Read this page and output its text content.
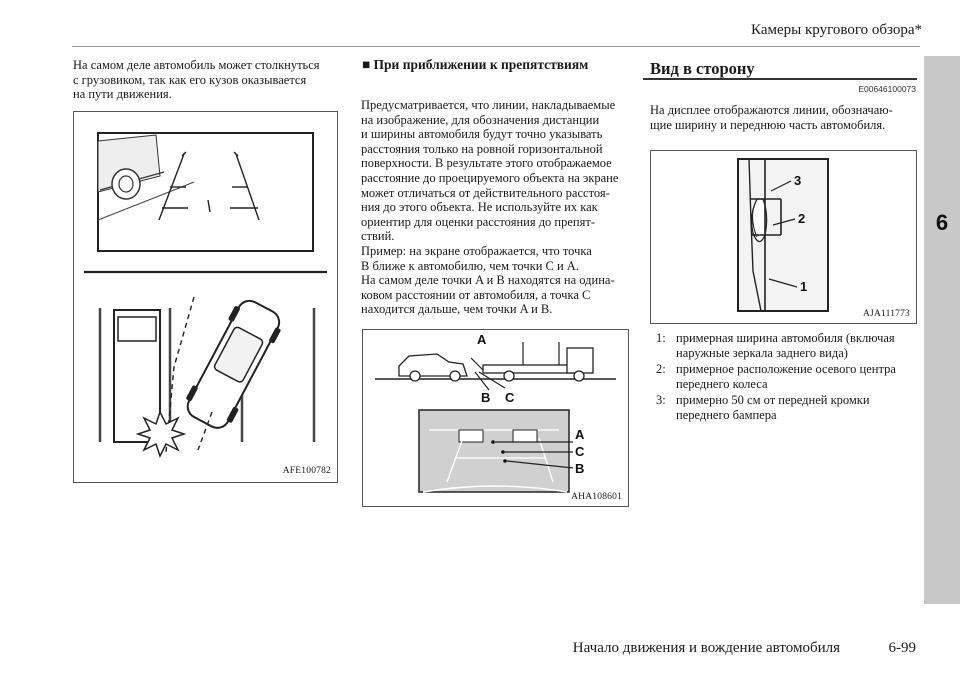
Камеры кругового обзора*
6
На самом деле автомобиль может столкнуться
с грузовиком, так как его кузов оказывается
на пути движения.
AFE100782
■ При приближении к препятствиям
Предусматривается, что линии, накладываемые
на изображение, для обозначения дистанции
и ширины автомобиля будут точно указывать
расстояния только на ровной горизонтальной
поверхности. В результате этого отображаемое
расстояние до проецируемого объекта на экране
может отличаться от действительного расстоя-
ния до этого объекта. Не используйте их как
ориентир для оценки расстояния до препят-
ствий.
Пример: на экране отображается, что точка
B ближе к автомобилю, чем точки C и A.
На самом деле точки A и B находятся на одина-
ковом расстоянии от автомобиля, а точка C
находится дальше, чем точки A и B.
A
B C
A
C
B
AHA108601
Вид в сторону
E00646100073
На дисплее отображаются линии, обозначаю-
щие ширину и переднюю часть автомобиля.
3
2
1
AJA111773
1: примерная ширина автомобиля (включая
наружные зеркала заднего вида)
2: примерное расположение осевого центра
переднего колеса
3: примерно 50 см от передней кромки
переднего бампера
Начало движения и вождение автомобиля	6-99
